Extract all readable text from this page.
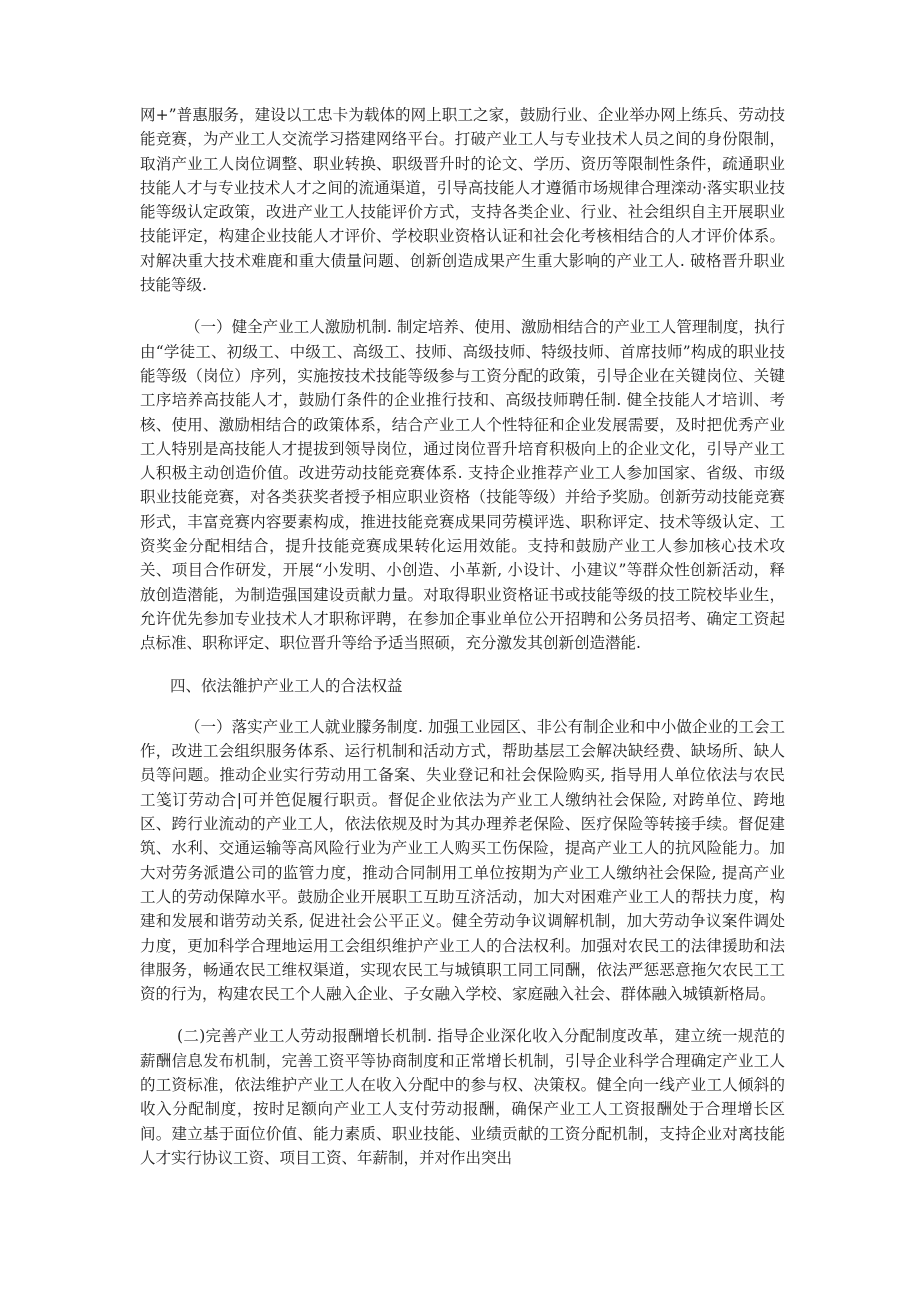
网+”普惠服务，建设以工忠卡为载体的网上职工之家，鼓励行业、企业举办网上练兵、劳动技能竞赛，为产业工人交流学习搭建网络平台。打破产业工人与专业技术人员之间的身份限制，取消产业工人岗位调整、职业转换、职级晋升时的论文、学历、资历等限制性条件，疏通职业技能人才与专业技术人才之间的流通渠道，引导高技能人才遵循市场规律合理滦动·落实职业技能等级认定政策，改进产业工人技能评价方式，支持各类企业、行业、社会组织自主开展职业技能评定，构建企业技能人才评价、学校职业资格认证和社会化考核相结合的人才评价体系。对解决重大技术难鹿和重大债量问题、创新创造成果产生重大影响的产业工人. 破格晋升职业技能等级.

（一）健全产业工人激励机制. 制定培养、使用、激励相结合的产业工人管理制度，执行由“学徒工、初级工、中级工、高级工、技师、高级技师、特级技师、首席技师”构成的职业技能等级（岗位）序列，实施按技术技能等级参与工资分配的政策，引导企业在关键岗位、关键工序培养高技能人才，鼓励仃条件的企业推行技和、高级技师聘任制. 健全技能人才培训、考核、使用、激励相结合的政策体系，结合产业工人个性特征和企业发展需要，及时把优秀产业工人特别是高技能人才提拔到领导岗位，通过岗位晋升培育积极向上的企业文化，引导产业工人积极主动创造价值。改进劳动技能竞赛体系. 支持企业推荐产业工人参加国家、省级、市级职业技能竞赛，对各类获奖者授予相应职业资格（技能等级）并给予奖励。创新劳动技能竞赛形式，丰富竞赛内容要素构成，推进技能竞赛成果同劳模评选、职称评定、技术等级认定、工资奖金分配相结合，提升技能竞赛成果转化运用效能。支持和鼓励产业工人参加核心技术攻关、项目合作研发，开展“小发明、小创造、小革新, 小设计、小建议”等群众性创新活动，释放创造潜能，为制造强国建设贡献力量。对取得职业资格证书或技能等级的技工院校毕业生，允许优先参加专业技术人才职称评聘，在参加企事业单位公开招聘和公务员招考、确定工资起点标准、职称评定、职位晋升等给予适当照硕，充分激发其创新创造潜能.

四、依法雒护产业工人的合法权益

（一）落实产业工人就业朦务制度. 加强工业园区、非公有制企业和中小做企业的工会工作，改进工会组织服务体系、运行机制和活动方式，帮助基层工会解决缺经费、缺场所、缺人员等问题。推动企业实行劳动用工备案、失业登记和社会保险购买, 指导用人单位依法与农民工笺订劳动合|可并笆促履行职贡。督促企业依法为产业工人缴纳社会保险, 对跨单位、跨地区、跨行业流动的产业工人，依法依规及时为其办理养老保险、医疗保险等转接手续。督促建筑、水利、交通运输等高风险行业为产业工人购买工伤保险，提高产业工人的抗风险能力。加大对劳务派遣公司的监管力度，推动合同制用工单位按期为产业工人缴纳社会保险, 提高产业工人的劳动保障水平。鼓励企业开展职工互助互济活动，加大对困难产业工人的帮扶力度，构建和发展和谐劳动关系, 促进社会公平正义。健全劳动争议调解机制，加大劳动争议案件调处力度，更加科学合理地运用工会组织维护产业工人的合法权利。加强对农民工的法律援助和法律服务，畅通农民工维权渠道，实现农民工与城镇职工同工同酬，依法严惩恶意拖欠农民工工资的行为，构建农民工个人融入企业、子女融入学校、家庭融入社会、群体融入城镇新格局。

(二)完善产业工人劳动报酬增长机制. 指导企业深化收入分配制度改革，建立统一规范的薪酬信息发布机制，完善工资平等协商制度和正常增长机制，引导企业科学合理确定产业工人的工资标准，依法维护产业工人在收入分配中的参与权、决策权。健全向一线产业工人倾斜的收入分配制度，按时足额向产业工人支付劳动报酬，确保产业工人工资报酬处于合理增长区间。建立基于面位价值、能力素质、职业技能、业绩贡献的工资分配机制，支持企业对离技能人才实行协议工资、项目工资、年薪制，并对作出突出
